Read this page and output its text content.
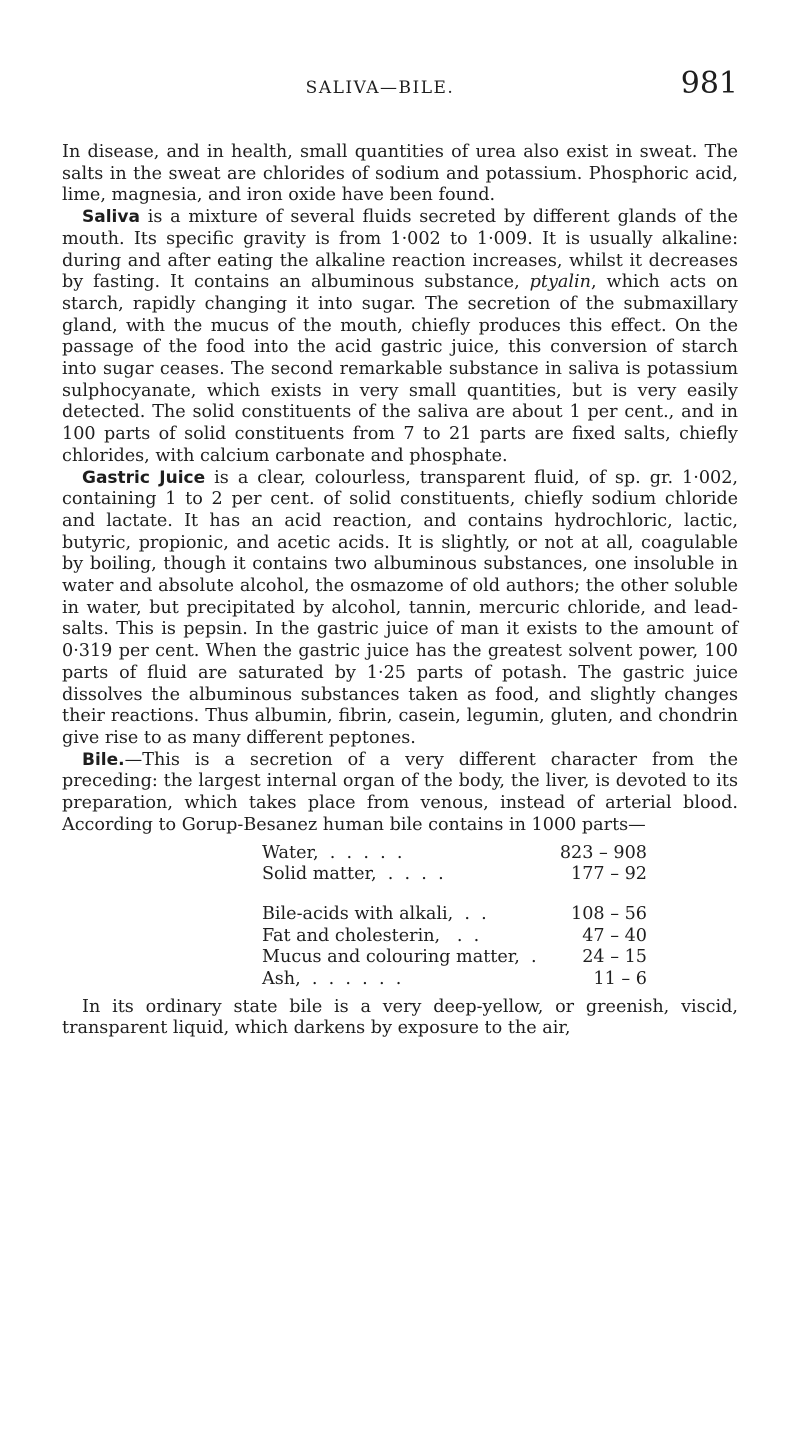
SALIVA—BILE.	981

In disease, and in health, small quantities of urea also exist in sweat. The salts in the sweat are chlorides of sodium and potassium. Phosphoric acid, lime, magnesia, and iron oxide have been found.

Saliva is a mixture of several fluids secreted by different glands of the mouth. Its specific gravity is from 1·002 to 1·009. It is usually alkaline: during and after eating the alkaline reaction increases, whilst it decreases by fasting. It contains an albuminous substance, ptyalin, which acts on starch, rapidly changing it into sugar. The secretion of the submaxillary gland, with the mucus of the mouth, chiefly produces this effect. On the passage of the food into the acid gastric juice, this conversion of starch into sugar ceases. The second remarkable substance in saliva is potassium sulphocyanate, which exists in very small quantities, but is very easily detected. The solid constituents of the saliva are about 1 per cent., and in 100 parts of solid constituents from 7 to 21 parts are fixed salts, chiefly chlorides, with calcium carbonate and phosphate.

Gastric Juice is a clear, colourless, transparent fluid, of sp. gr. 1·002, containing 1 to 2 per cent. of solid constituents, chiefly sodium chloride and lactate. It has an acid reaction, and contains hydrochloric, lactic, butyric, propionic, and acetic acids. It is slightly, or not at all, coagulable by boiling, though it contains two albuminous substances, one insoluble in water and absolute alcohol, the osmazome of old authors; the other soluble in water, but precipitated by alcohol, tannin, mercuric chloride, and lead-salts. This is pepsin. In the gastric juice of man it exists to the amount of 0·319 per cent. When the gastric juice has the greatest solvent power, 100 parts of fluid are saturated by 1·25 parts of potash. The gastric juice dissolves the albuminous substances taken as food, and slightly changes their reactions. Thus albumin, fibrin, casein, legumin, gluten, and chondrin give rise to as many different peptones.

Bile.—This is a secretion of a very different character from the preceding: the largest internal organ of the body, the liver, is devoted to its preparation, which takes place from venous, instead of arterial blood. According to Gorup-Besanez human bile contains in 1000 parts—

Water,  .  .  .  .  .	823 – 908
Solid matter,  .  .  .  .	177 – 92

Bile-acids with alkali,  .  .	108 – 56
Fat and cholesterin,   .  .	47 – 40
Mucus and colouring matter,  .	24 – 15
Ash,  .  .  .  .  .  .	11 – 6

In its ordinary state bile is a very deep-yellow, or greenish, viscid, transparent liquid, which darkens by exposure to the air,
